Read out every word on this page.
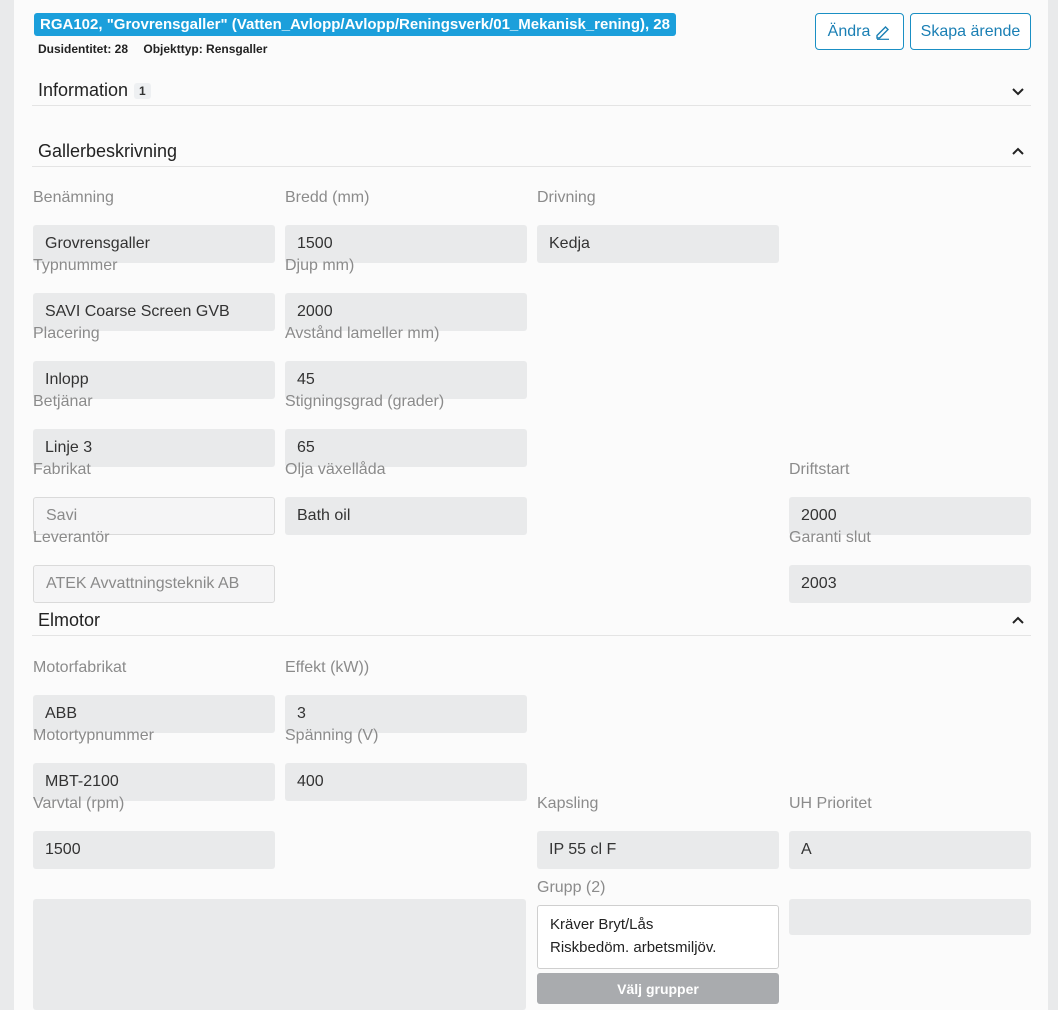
RGA102, "Grovrensgaller" (Vatten_Avlopp/Avlopp/Reningsverk/01_Mekanisk_rening), 28
Dusidentitet: 28 Objekttyp: Rensgaller
Ändra	Skapa ärende
Information 1
Gallerbeskrivning
Benämning
Grovrensgaller
Bredd (mm)
1500
Drivning
Kedja
Typnummer
SAVI Coarse Screen GVB
Djup mm)
2000
Placering
Inlopp
Avstånd lameller mm)
45
Betjänar
Linje 3
Stigningsgrad (grader)
65
Fabrikat
Savi
Olja växellåda
Bath oil
Driftstart
2000
Leverantör
ATEK Avvattningsteknik AB
Garanti slut
2003
Elmotor
Motorfabrikat
ABB
Effekt (kW))
3
Motortypnummer
MBT-2100
Spänning (V)
400
Varvtal (rpm)
1500
Kapsling
IP 55 cl F
UH Prioritet
A
Grupp (2)
Kräver Bryt/Lås
Riskbedöm. arbetsmiljöv.
Välj grupper
